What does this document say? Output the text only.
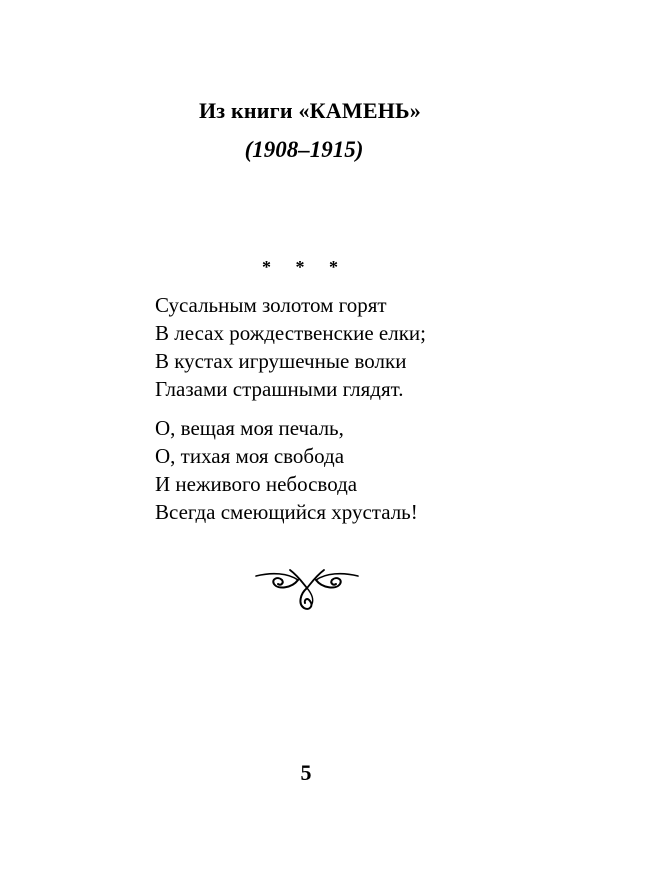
Из книги «КАМЕНЬ»
(1908–1915)
* * *
Сусальным золотом горят
В лесах рождественские елки;
В кустах игрушечные волки
Глазами страшными глядят.
О, вещая моя печаль,
О, тихая моя свобода
И неживого небосвода
Всегда смеющийся хрусталь!
5
